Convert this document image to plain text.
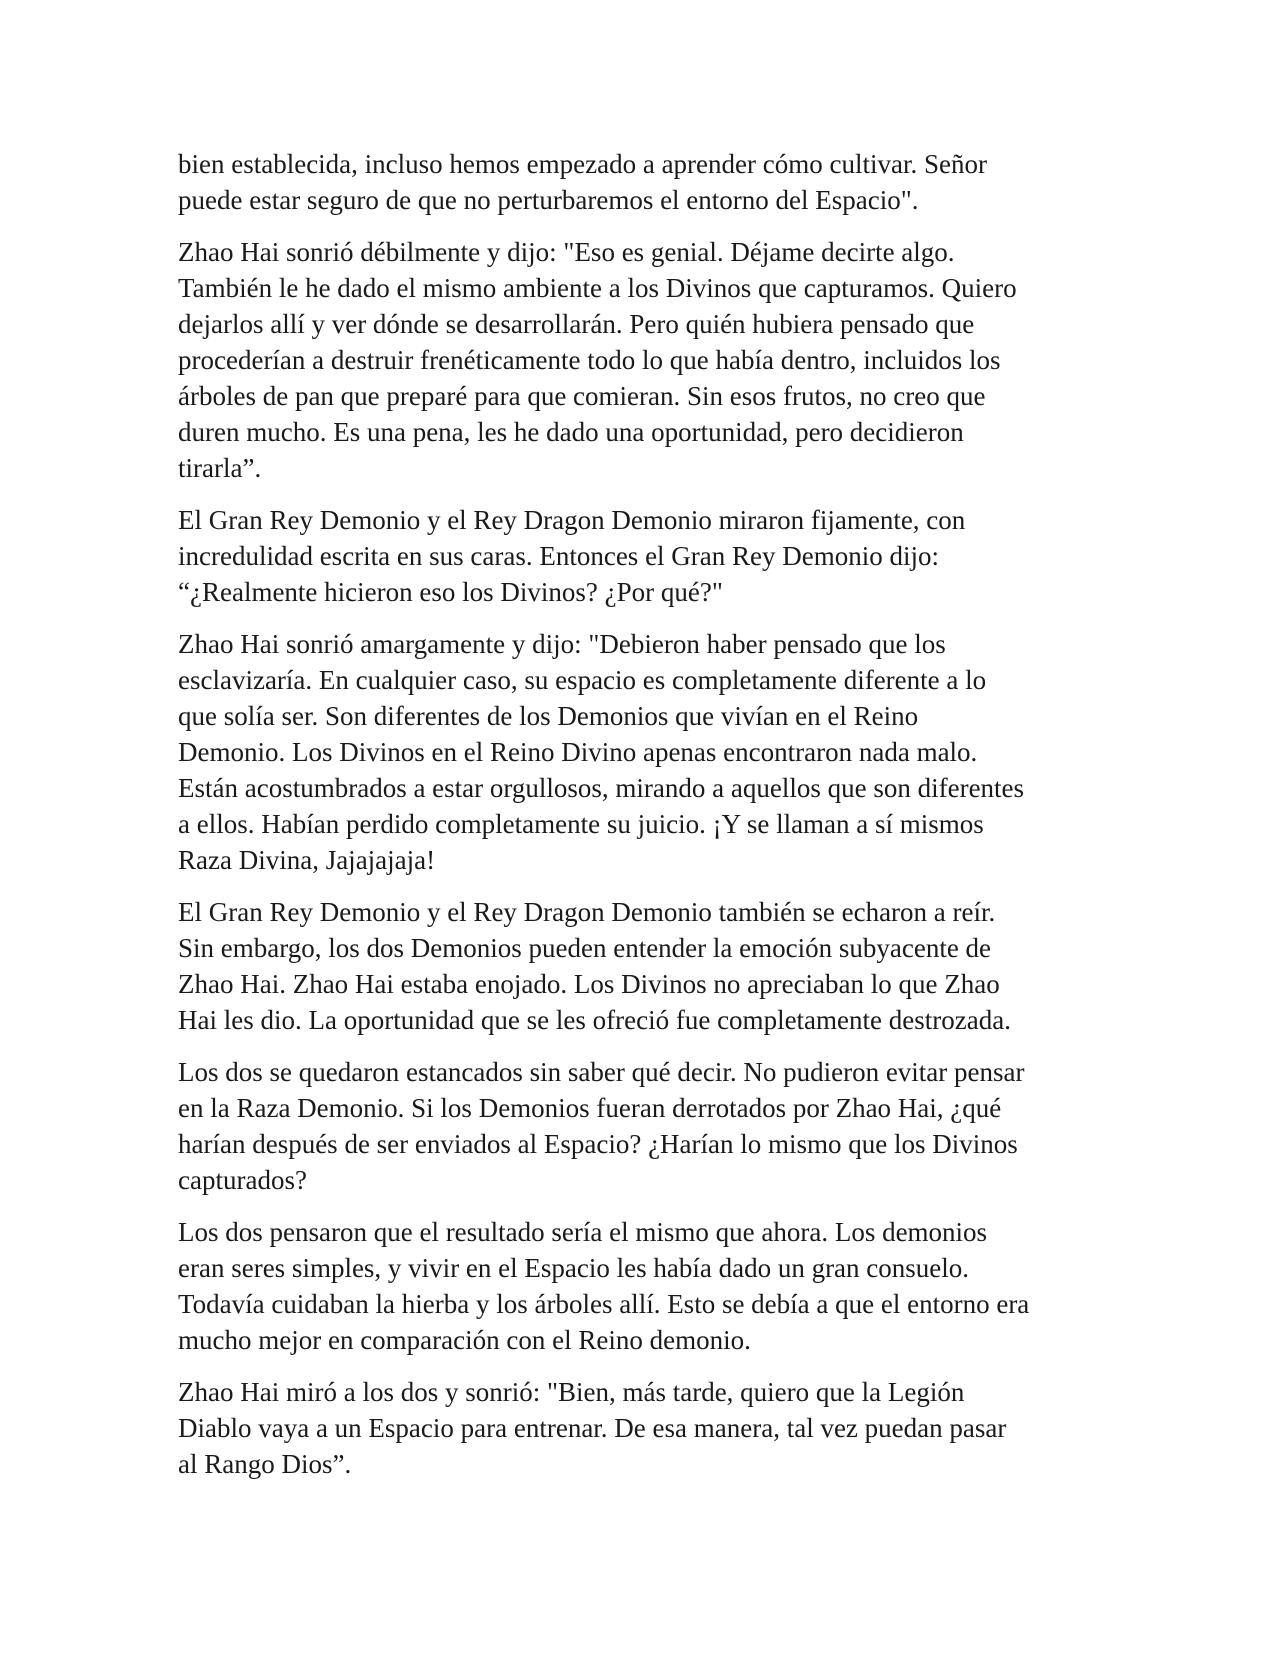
bien establecida, incluso hemos empezado a aprender cómo cultivar. Señor
puede estar seguro de que no perturbaremos el entorno del Espacio".

Zhao Hai sonrió débilmente y dijo: "Eso es genial. Déjame decirte algo.
También le he dado el mismo ambiente a los Divinos que capturamos. Quiero
dejarlos allí y ver dónde se desarrollarán. Pero quién hubiera pensado que
procederían a destruir frenéticamente todo lo que había dentro, incluidos los
árboles de pan que preparé para que comieran. Sin esos frutos, no creo que
duren mucho. Es una pena, les he dado una oportunidad, pero decidieron
tirarla”.

El Gran Rey Demonio y el Rey Dragon Demonio miraron fijamente, con
incredulidad escrita en sus caras. Entonces el Gran Rey Demonio dijo:
“¿Realmente hicieron eso los Divinos? ¿Por qué?"

Zhao Hai sonrió amargamente y dijo: "Debieron haber pensado que los
esclavizaría. En cualquier caso, su espacio es completamente diferente a lo
que solía ser. Son diferentes de los Demonios que vivían en el Reino
Demonio. Los Divinos en el Reino Divino apenas encontraron nada malo.
Están acostumbrados a estar orgullosos, mirando a aquellos que son diferentes
a ellos. Habían perdido completamente su juicio. ¡Y se llaman a sí mismos
Raza Divina, Jajajajaja!

El Gran Rey Demonio y el Rey Dragon Demonio también se echaron a reír.
Sin embargo, los dos Demonios pueden entender la emoción subyacente de
Zhao Hai. Zhao Hai estaba enojado. Los Divinos no apreciaban lo que Zhao
Hai les dio. La oportunidad que se les ofreció fue completamente destrozada.

Los dos se quedaron estancados sin saber qué decir. No pudieron evitar pensar
en la Raza Demonio. Si los Demonios fueran derrotados por Zhao Hai, ¿qué
harían después de ser enviados al Espacio? ¿Harían lo mismo que los Divinos
capturados?

Los dos pensaron que el resultado sería el mismo que ahora. Los demonios
eran seres simples, y vivir en el Espacio les había dado un gran consuelo.
Todavía cuidaban la hierba y los árboles allí. Esto se debía a que el entorno era
mucho mejor en comparación con el Reino demonio.

Zhao Hai miró a los dos y sonrió: "Bien, más tarde, quiero que la Legión
Diablo vaya a un Espacio para entrenar. De esa manera, tal vez puedan pasar
al Rango Dios”.
